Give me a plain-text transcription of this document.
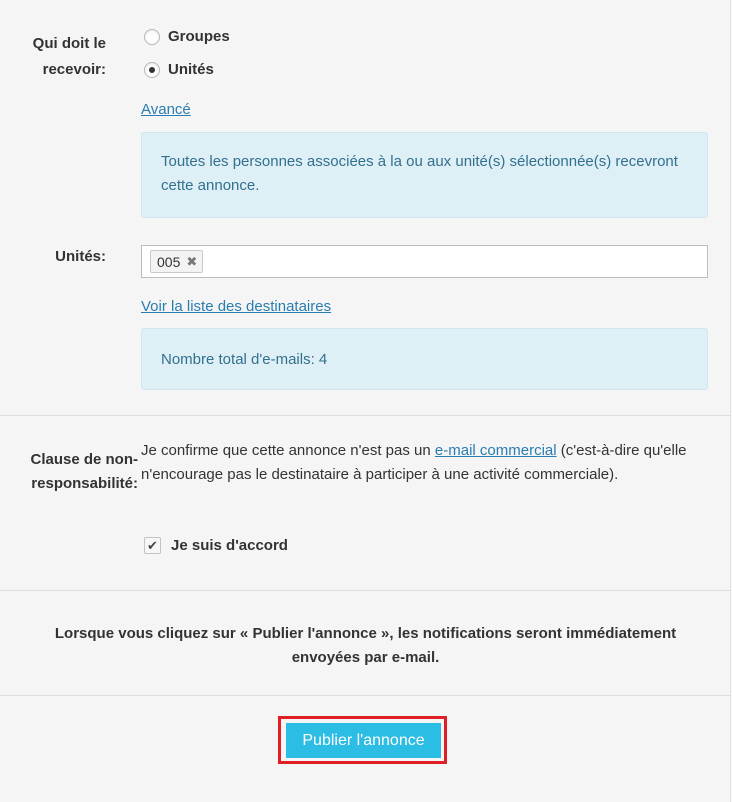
Qui doit le recevoir:
Groupes
Unités
Avancé
Toutes les personnes associées à la ou aux unité(s) sélectionnée(s) recevront cette annonce.
Unités:	005 ✖
Voir la liste des destinataires
Nombre total d'e-mails: 4
Clause de non-responsabilité:
Je confirme que cette annonce n'est pas un e-mail commercial (c'est-à-dire qu'elle n'encourage pas le destinataire à participer à une activité commerciale).
✔ Je suis d'accord
Lorsque vous cliquez sur « Publier l'annonce », les notifications seront immédiatement envoyées par e-mail.
Publier l'annonce
